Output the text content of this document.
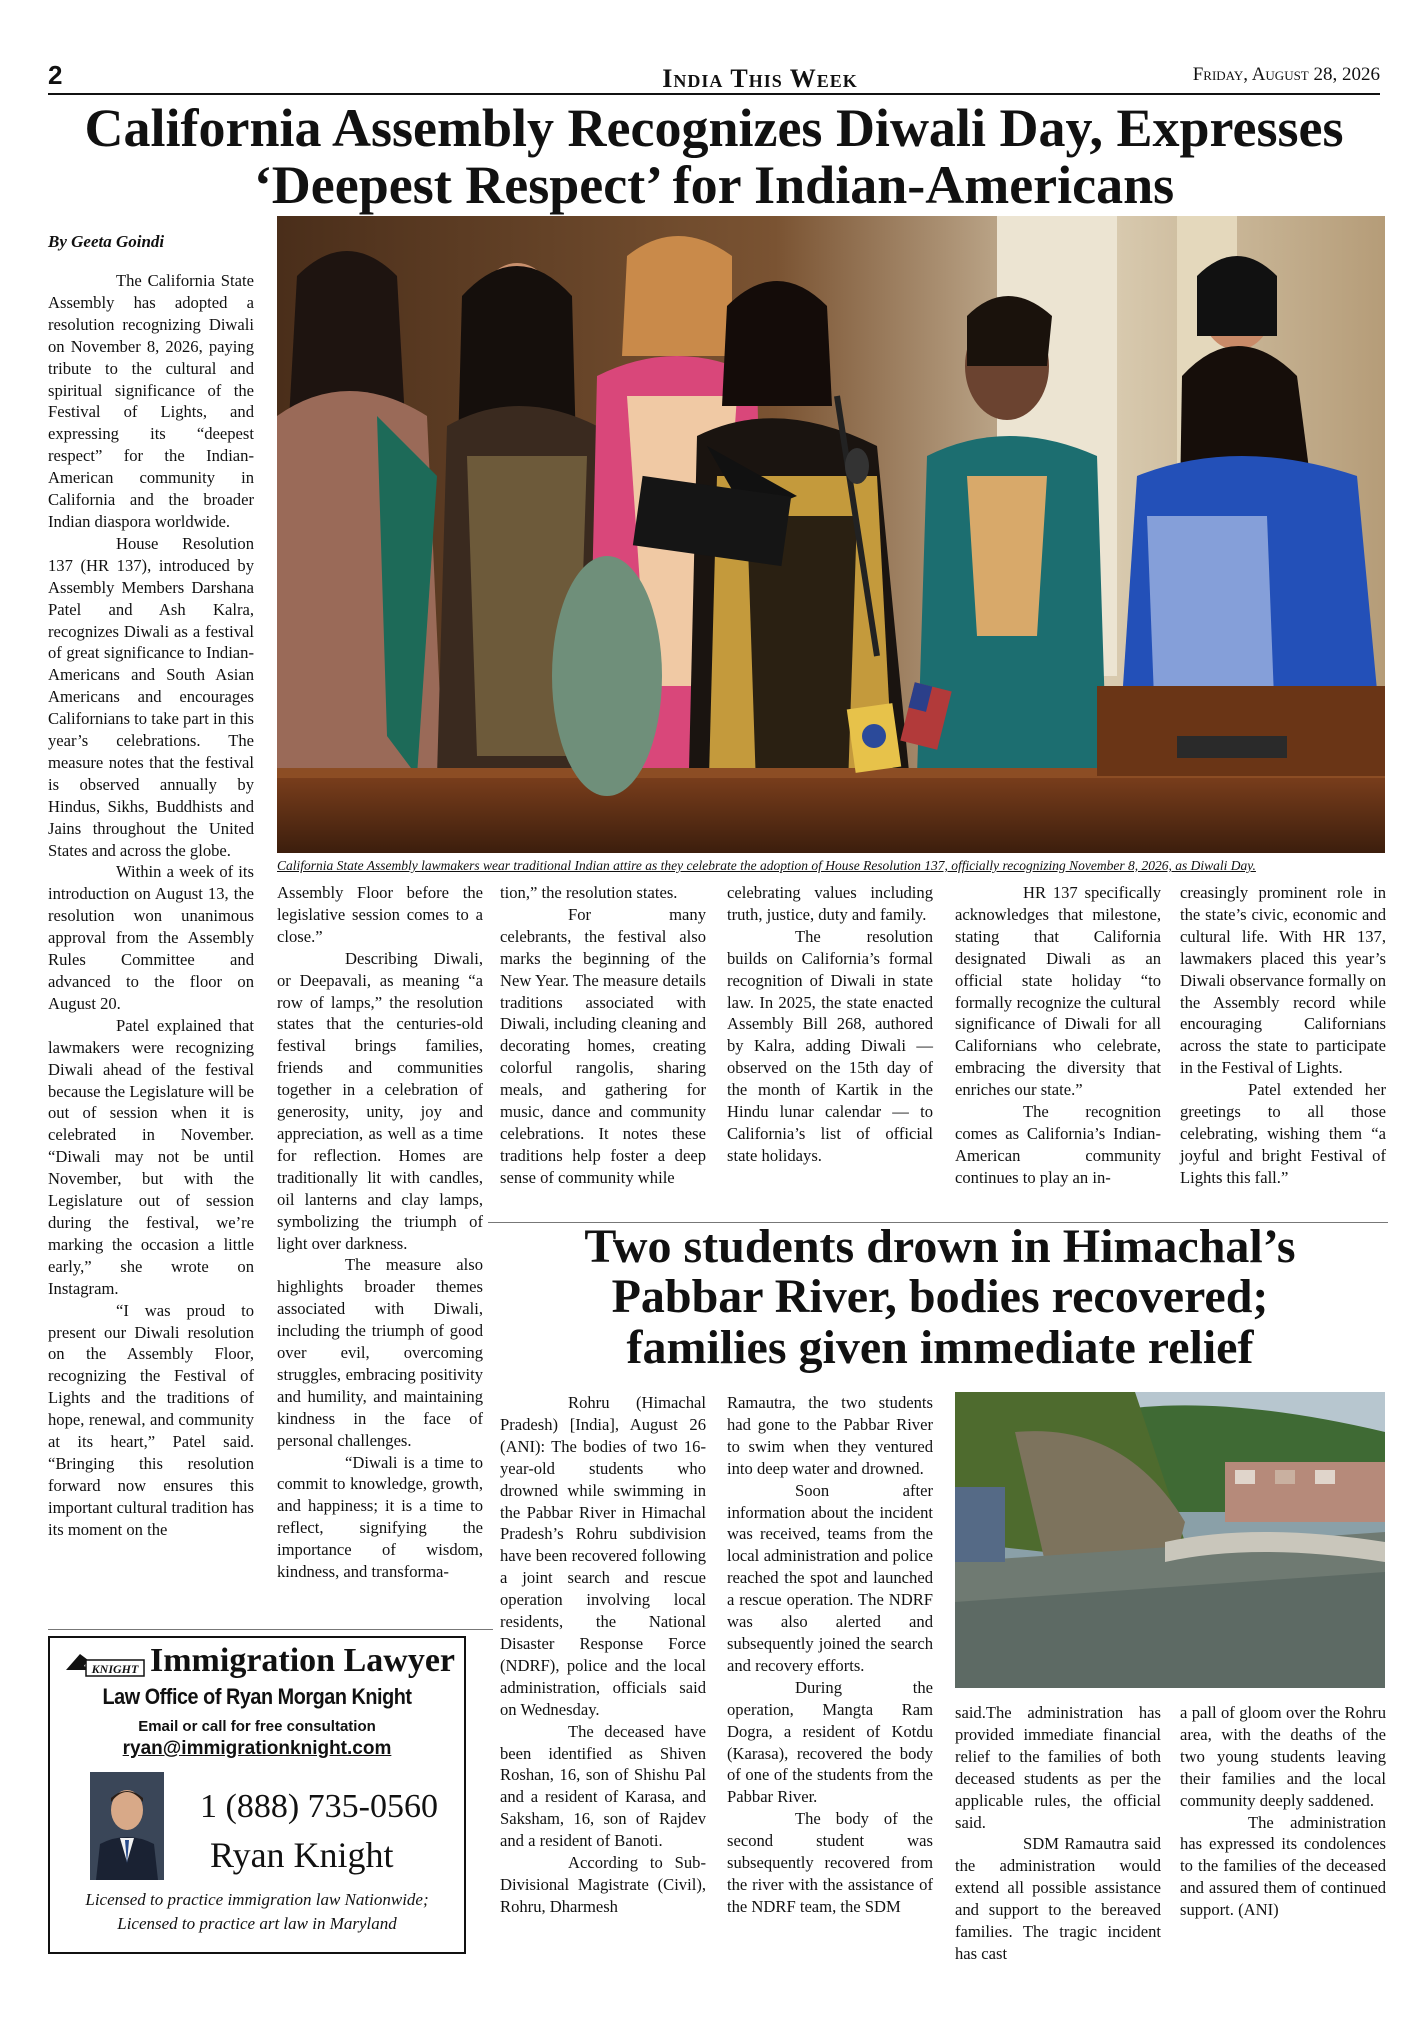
2	India This Week	Friday, August 28, 2026
California Assembly Recognizes Diwali Day, Expresses
‘Deepest Respect’ for Indian-Americans
By Geeta Goindi
California State Assembly lawmakers wear traditional Indian attire as they celebrate the adoption of House Resolution 137, officially recognizing November 8, 2026, as Diwali Day.

The California State Assembly has adopted a resolution recognizing Diwali on November 8, 2026, paying tribute to the cultural and spiritual significance of the Festival of Lights, and expressing its “deepest respect” for the Indian-American community in California and the broader Indian diaspora worldwide.

House Resolution 137 (HR 137), introduced by Assembly Members Darshana Patel and Ash Kalra, recognizes Diwali as a festival of great significance to Indian-Americans and South Asian Americans and encourages Californians to take part in this year’s celebrations. The measure notes that the festival is observed annually by Hindus, Sikhs, Buddhists and Jains throughout the United States and across the globe.

Within a week of its introduction on August 13, the resolution won unanimous approval from the Assembly Rules Committee and advanced to the floor on August 20.

Patel explained that lawmakers were recognizing Diwali ahead of the festival because the Legislature will be out of session when it is celebrated in November. “Diwali may not be until November, but with the Legislature out of session during the festival, we’re marking the occasion a little early,” she wrote on Instagram.

“I was proud to present our Diwali resolution on the Assembly Floor, recognizing the Festival of Lights and the traditions of hope, renewal, and community at its heart,” Patel said. “Bringing this resolution forward now ensures this important cultural tradition has its moment on the

Assembly Floor before the legislative session comes to a close.”

Describing Diwali, or Deepavali, as meaning “a row of lamps,” the resolution states that the centuries-old festival brings families, friends and communities together in a celebration of generosity, unity, joy and appreciation, as well as a time for reflection. Homes are traditionally lit with candles, oil lanterns and clay lamps, symbolizing the triumph of light over darkness.

The measure also highlights broader themes associated with Diwali, including the triumph of good over evil, overcoming struggles, embracing positivity and humility, and maintaining kindness in the face of personal challenges.

“Diwali is a time to commit to knowledge, growth, and happiness; it is a time to reflect, signifying the importance of wisdom, kindness, and transforma-

tion,” the resolution states.

For many celebrants, the festival also marks the beginning of the New Year. The measure details traditions associated with Diwali, including cleaning and decorating homes, creating colorful rangolis, sharing meals, and gathering for music, dance and community celebrations. It notes these traditions help foster a deep sense of community while

celebrating values including truth, justice, duty and family.

The resolution builds on California’s formal recognition of Diwali in state law. In 2025, the state enacted Assembly Bill 268, authored by Kalra, adding Diwali — observed on the 15th day of the month of Kartik in the Hindu lunar calendar — to California’s list of official state holidays.

HR 137 specifically acknowledges that milestone, stating that California designated Diwali as an official state holiday “to formally recognize the cultural significance of Diwali for all Californians who celebrate, embracing the diversity that enriches our state.”

The recognition comes as California’s Indian-American community continues to play an in-

creasingly prominent role in the state’s civic, economic and cultural life. With HR 137, lawmakers placed this year’s Diwali observance formally on the Assembly record while encouraging Californians across the state to participate in the Festival of Lights.

Patel extended her greetings to all those celebrating, wishing them “a joyful and bright Festival of Lights this fall.”

Two students drown in Himachal’s
Pabbar River, bodies recovered;
families given immediate relief

Rohru (Himachal Pradesh) [India], August 26 (ANI): The bodies of two 16-year-old students who drowned while swimming in the Pabbar River in Himachal Pradesh’s Rohru subdivision have been recovered following a joint search and rescue operation involving local residents, the National Disaster Response Force (NDRF), police and the local administration, officials said on Wednesday.

The deceased have been identified as Shiven Roshan, 16, son of Shishu Pal and a resident of Karasa, and Saksham, 16, son of Rajdev and a resident of Banoti.

According to Sub-Divisional Magistrate (Civil), Rohru, Dharmesh

Ramautra, the two students had gone to the Pabbar River to swim when they ventured into deep water and drowned.

Soon after information about the incident was received, teams from the local administration and police reached the spot and launched a rescue operation. The NDRF was also alerted and subsequently joined the search and recovery efforts.

During the operation, Mangta Ram Dogra, a resident of Kotdu (Karasa), recovered the body of one of the students from the Pabbar River.

The body of the second student was subsequently recovered from the river with the assistance of the NDRF team, the SDM

said.The administration has provided immediate financial relief to the families of both deceased students as per the applicable rules, the official said.

SDM Ramautra said the administration would extend all possible assistance and support to the bereaved families. The tragic incident has cast

a pall of gloom over the Rohru area, with the deaths of the two young students leaving their families and the local community deeply saddened.

The administration has expressed its condolences to the families of the deceased and assured them of continued support. (ANI)

KNIGHT Immigration Lawyer
Law Office of Ryan Morgan Knight
Email or call for free consultation
ryan@immigrationknight.com
1 (888) 735-0560
Ryan Knight
Licensed to practice immigration law Nationwide;
Licensed to practice art law in Maryland
